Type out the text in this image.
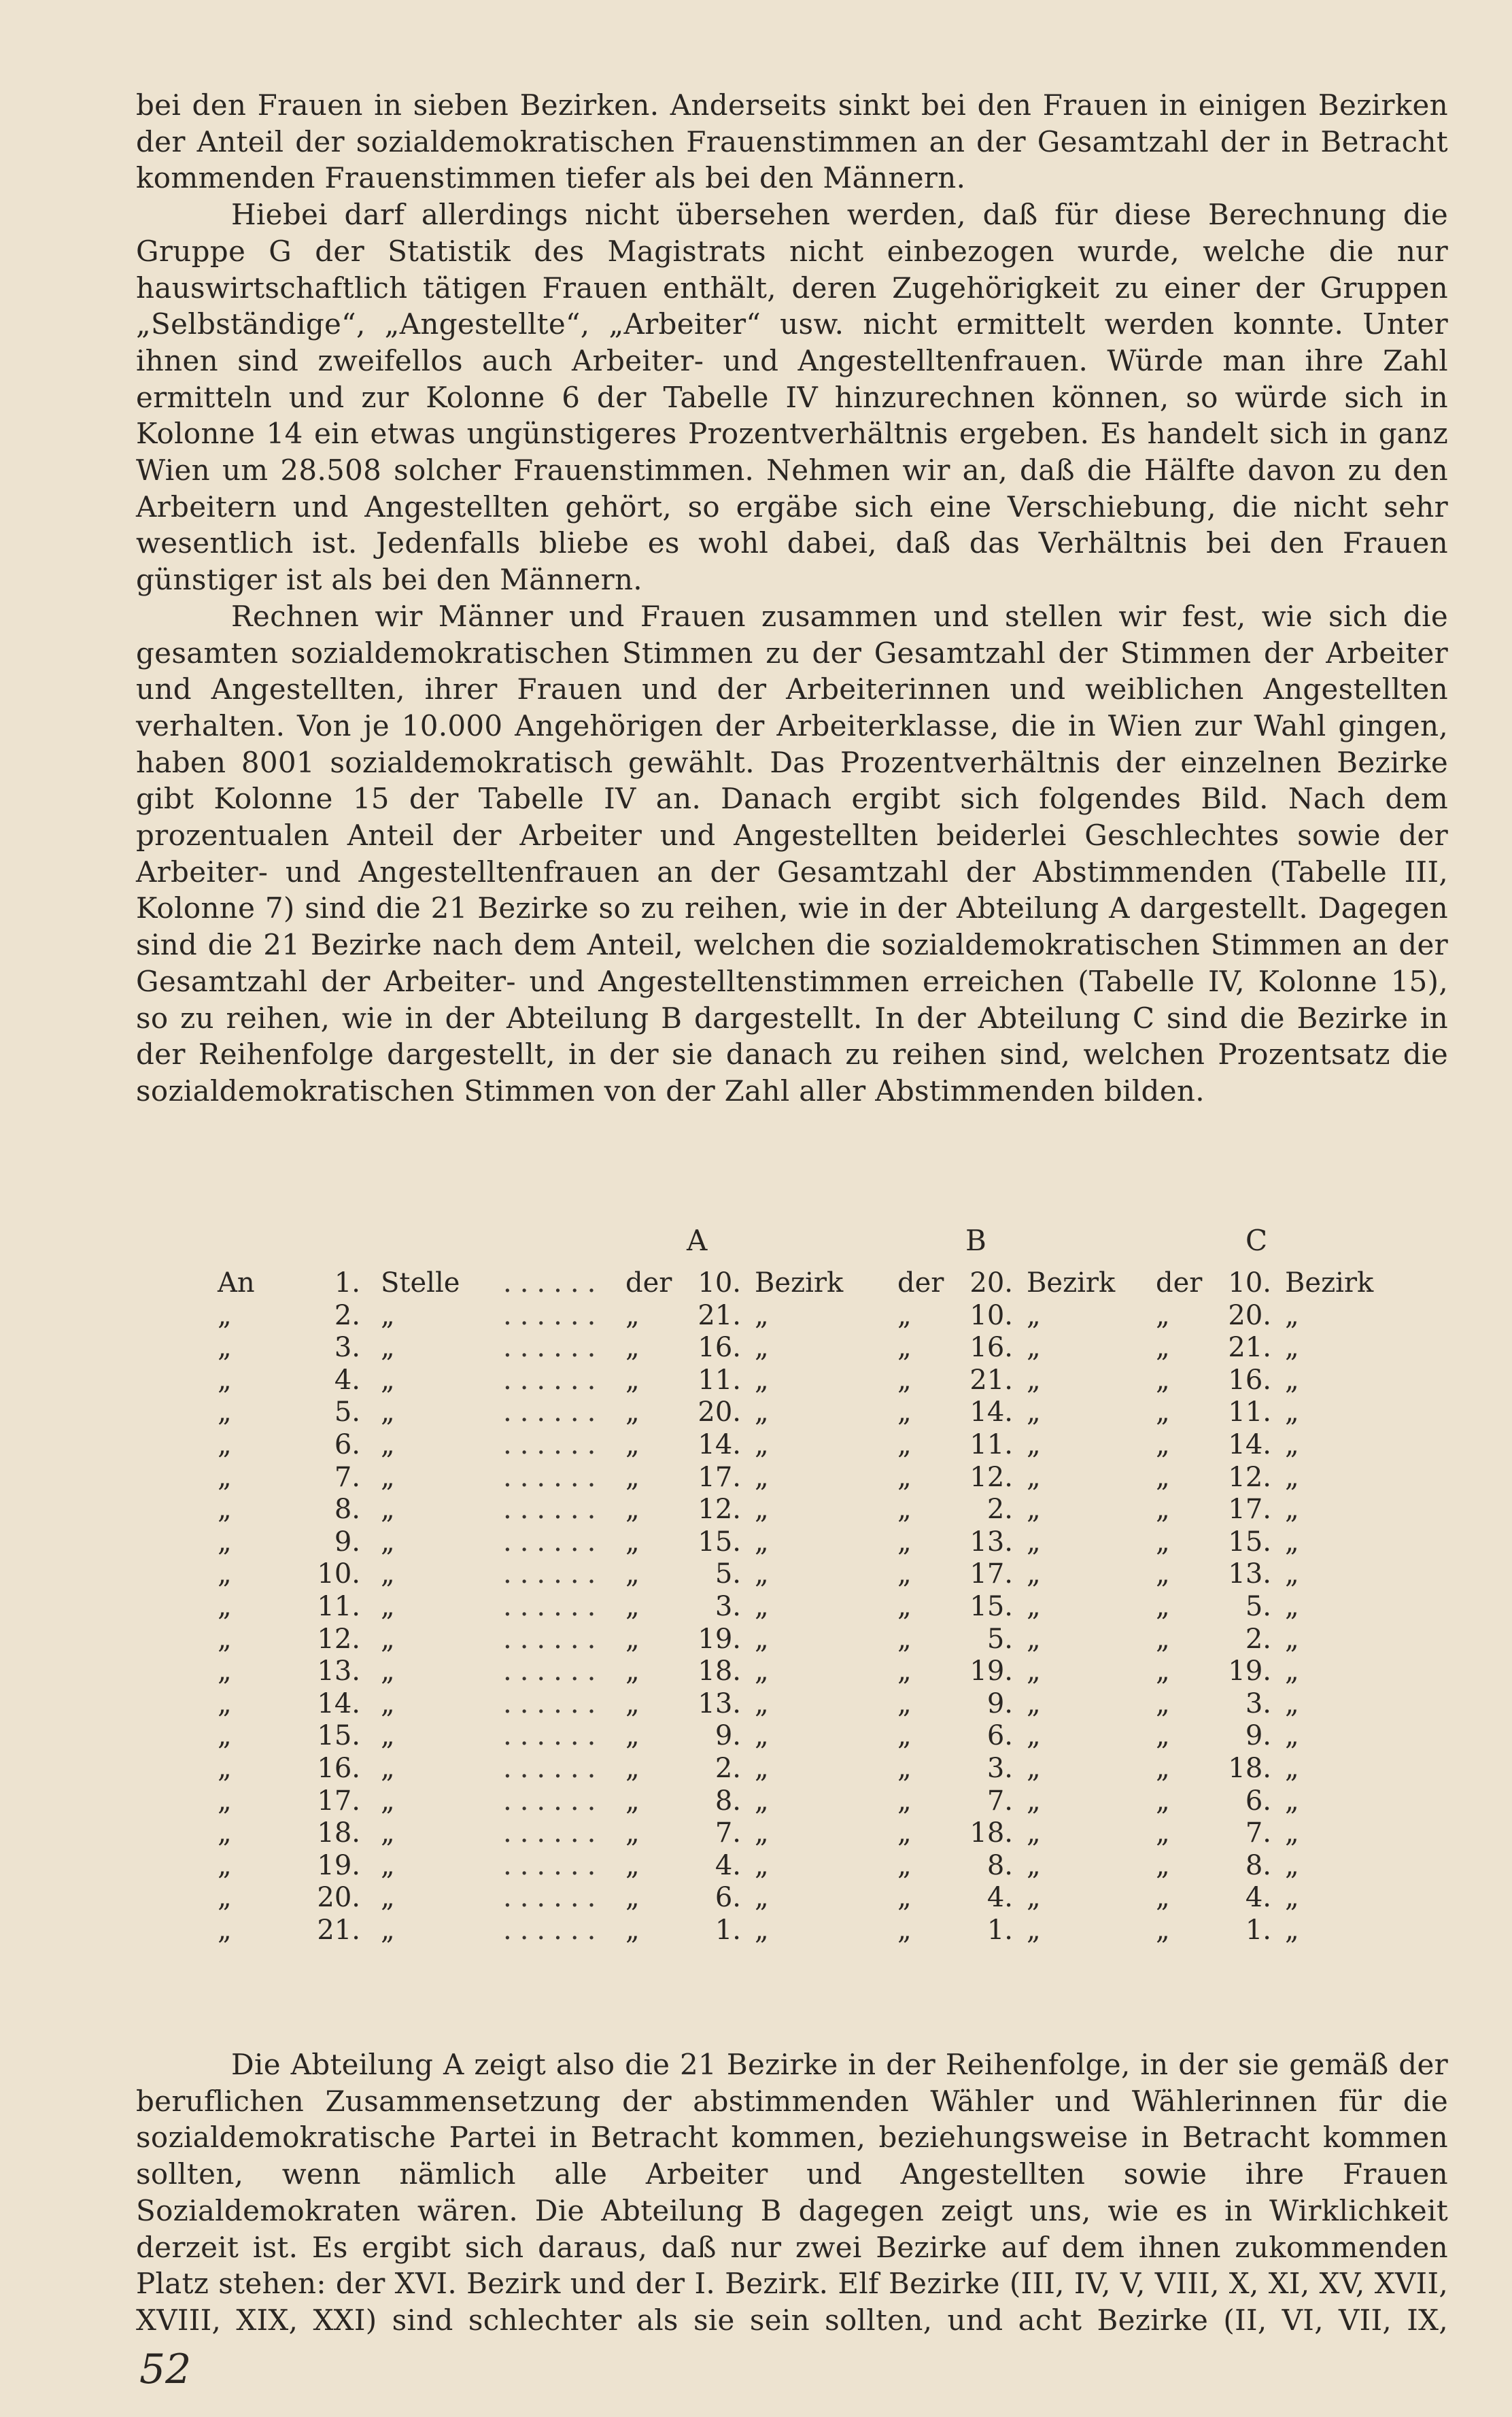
bei den Frauen in sieben Bezirken. Anderseits sinkt bei den Frauen in einigen Bezirken der Anteil der sozialdemokratischen Frauenstimmen an der Gesamtzahl der in Betracht kommenden Frauenstimmen tiefer als bei den Männern.

Hiebei darf allerdings nicht übersehen werden, daß für diese Berechnung die Gruppe G der Statistik des Magistrats nicht einbezogen wurde, welche die nur hauswirtschaftlich tätigen Frauen enthält, deren Zugehörigkeit zu einer der Gruppen „Selbständige“, „Angestellte“, „Arbeiter“ usw. nicht ermittelt werden konnte. Unter ihnen sind zweifellos auch Arbeiter- und Angestelltenfrauen. Würde man ihre Zahl ermitteln und zur Kolonne 6 der Tabelle IV hinzurechnen können, so würde sich in Kolonne 14 ein etwas ungünstigeres Prozentverhältnis ergeben. Es handelt sich in ganz Wien um 28.508 solcher Frauenstimmen. Nehmen wir an, daß die Hälfte davon zu den Arbeitern und Angestellten gehört, so ergäbe sich eine Verschiebung, die nicht sehr wesentlich ist. Jedenfalls bliebe es wohl dabei, daß das Verhältnis bei den Frauen günstiger ist als bei den Männern.

Rechnen wir Männer und Frauen zusammen und stellen wir fest, wie sich die gesamten sozialdemokratischen Stimmen zu der Gesamtzahl der Stimmen der Arbeiter und Angestellten, ihrer Frauen und der Arbeiterinnen und weiblichen Angestellten verhalten. Von je 10.000 Angehörigen der Arbeiterklasse, die in Wien zur Wahl gingen, haben 8001 sozialdemokratisch gewählt. Das Prozentverhältnis der einzelnen Bezirke gibt Kolonne 15 der Tabelle IV an. Danach ergibt sich folgendes Bild. Nach dem prozentualen Anteil der Arbeiter und Angestellten beiderlei Geschlechtes sowie der Arbeiter- und Angestelltenfrauen an der Gesamtzahl der Abstimmenden (Tabelle III, Kolonne 7) sind die 21 Bezirke so zu reihen, wie in der Abteilung A dargestellt. Dagegen sind die 21 Bezirke nach dem Anteil, welchen die sozialdemokratischen Stimmen an der Gesamtzahl der Arbeiter- und Angestelltenstimmen erreichen (Tabelle IV, Kolonne 15), so zu reihen, wie in der Abteilung B dargestellt. In der Abteilung C sind die Bezirke in der Reihenfolge dargestellt, in der sie danach zu reihen sind, welchen Prozentsatz die sozialdemokratischen Stimmen von der Zahl aller Abstimmenden bilden.

A	B	C
An	1. Stelle ...... der 10. Bezirk der 20. Bezirk der 10. Bezirk
„	2. „	...... „	21. „	„	10. „	„	20. „
„	3. „	...... „	16. „	„	16. „	„	21. „
„	4. „	...... „	11. „	„	21. „	„	16. „
„	5. „	...... „	20. „	„	14. „	„	11. „
„	6. „	...... „	14. „	„	11. „	„	14. „
„	7. „	...... „	17. „	„	12. „	„	12. „
„	8. „	...... „	12. „	„	2. „	„	17. „
„	9. „	...... „	15. „	„	13. „	„	15. „
„	10. „	...... „	5. „	„	17. „	„	13. „
„	11. „	...... „	3. „	„	15. „	„	5. „
„	12. „	...... „	19. „	„	5. „	„	2. „
„	13. „	...... „	18. „	„	19. „	„	19. „
„	14. „	...... „	13. „	„	9. „	„	3. „
„	15. „	...... „	9. „	„	6. „	„	9. „
„	16. „	...... „	2. „	„	3. „	„	18. „
„	17. „	...... „	8. „	„	7. „	„	6. „
„	18. „	...... „	7. „	„	18. „	„	7. „
„	19. „	...... „	4. „	„	8. „	„	8. „
„	20. „	...... „	6. „	„	4. „	„	4. „
„	21. „	...... „	1. „	„	1. „	„	1. „

Die Abteilung A zeigt also die 21 Bezirke in der Reihenfolge, in der sie gemäß der beruflichen Zusammensetzung der abstimmenden Wähler und Wählerinnen für die sozialdemokratische Partei in Betracht kommen, beziehungsweise in Betracht kommen sollten, wenn nämlich alle Arbeiter und Angestellten sowie ihre Frauen Sozialdemokraten wären. Die Abteilung B dagegen zeigt uns, wie es in Wirklichkeit derzeit ist. Es ergibt sich daraus, daß nur zwei Bezirke auf dem ihnen zukommenden Platz stehen: der XVI. Bezirk und der I. Bezirk. Elf Bezirke (III, IV, V, VIII, X, XI, XV, XVII, XVIII, XIX, XXI) sind schlechter als sie sein sollten, und acht Bezirke (II, VI, VII, IX,

52
